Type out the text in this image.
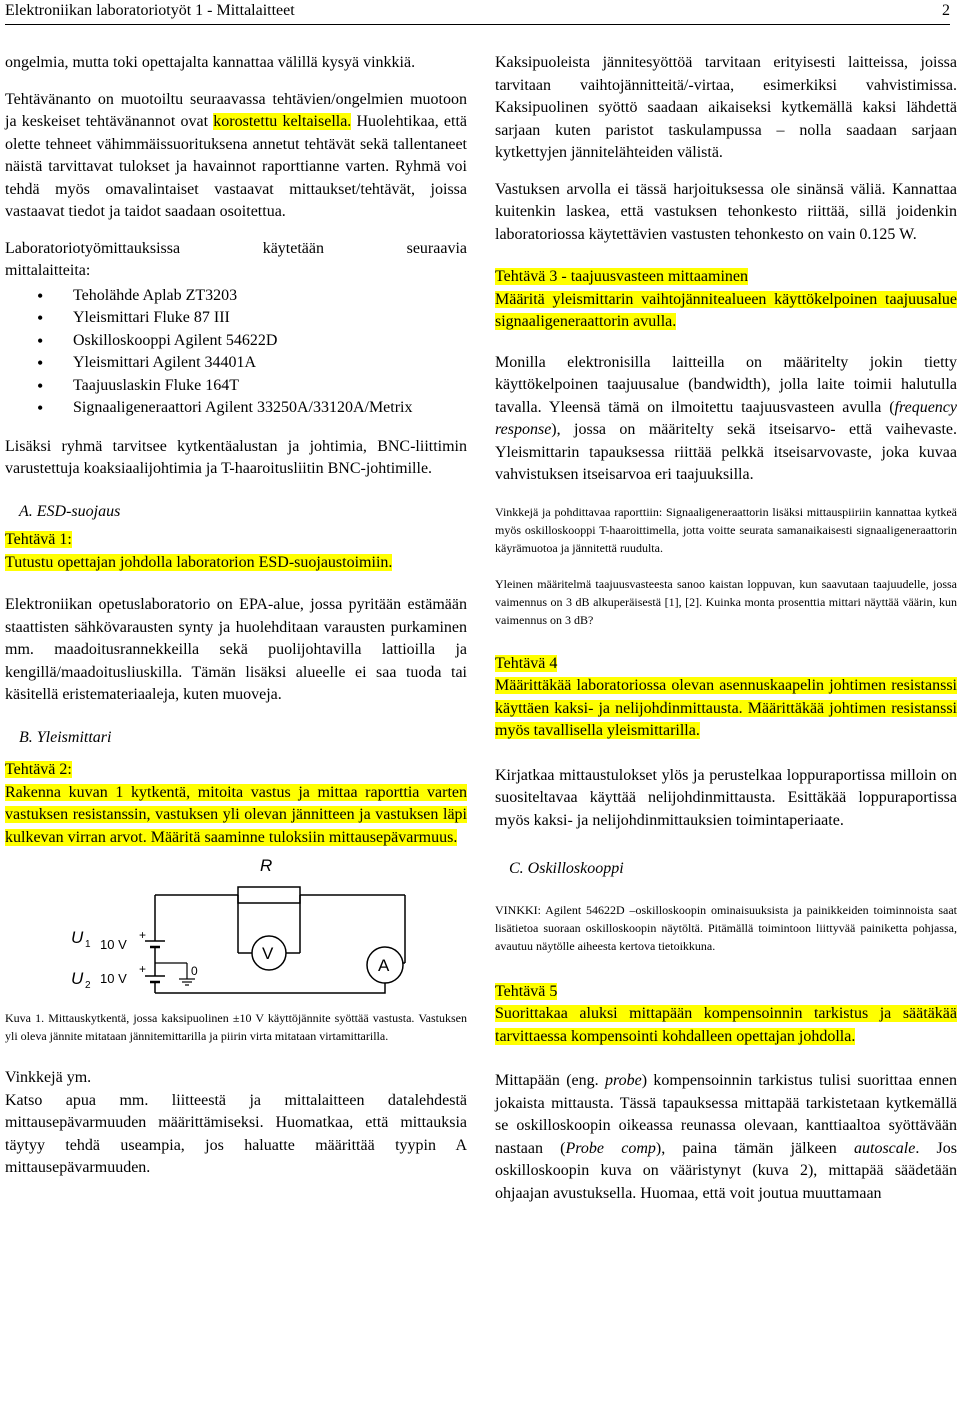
Elektroniikan laboratoriotyöt 1 - Mittalaitteet	2

ongelmia, mutta toki opettajalta kannattaa välillä kysyä vinkkiä.

Tehtävänanto on muotoiltu seuraavassa tehtävien/ongelmien muotoon ja keskeiset tehtävänannot ovat korostettu keltaisella. Huolehtikaa, että olette tehneet vähimmäissuorituksena annetut tehtävät sekä tallentaneet näistä tarvittavat tulokset ja havainnot raporttianne varten. Ryhmä voi tehdä myös omavalintaiset vastaavat mittaukset/tehtävät, joissa vastaavat tiedot ja taidot saadaan osoitettua.

Laboratoriotyömittauksissa käytetään seuraavia

mittalaitteita:

• Teholähde Aplab ZT3203
• Yleismittari Fluke 87 III
• Oskilloskooppi Agilent 54622D
• Yleismittari Agilent 34401A
• Taajuuslaskin Fluke 164T
• Signaaligeneraattori Agilent 33250A/33120A/Metrix

Lisäksi ryhmä tarvitsee kytkentäalustan ja johtimia, BNC-liittimin varustettuja koaksiaalijohtimia ja T-haaroitusliitin BNC-johtimille.

A. ESD-suojaus
Tehtävä 1:

Tutustu opettajan johdolla laboratorion ESD-suojaustoimiin.

Elektroniikan opetuslaboratorio on EPA-alue, jossa pyritään estämään staattisten sähkövarausten synty ja huolehditaan varausten purkaminen mm. maadoitusrannekkeilla sekä puolijohtavilla lattioilla ja kengillä/maadoitusliuskilla. Tämän lisäksi alueelle ei saa tuoda tai käsitellä eristemateriaaleja, kuten muoveja.

B. Yleismittari
Tehtävä 2:

Rakenna kuvan 1 kytkentä, mitoita vastus ja mittaa raporttia varten vastuksen resistanssin, vastuksen yli olevan jännitteen ja vastuksen läpi kulkevan virran arvot. Määritä saaminne tuloksiin mittausepävarmuus.

R
V
A
0
+
+
10 V
10 V
U 1
U 2

Kuva 1. Mittauskytkentä, jossa kaksipuolinen ±10 V käyttöjännite syöttää vastusta. Vastuksen yli oleva jännite mitataan jännitemittarilla ja piirin virta mitataan virtamittarilla.

Vinkkejä ym.

Katso apua mm. liitteestä ja mittalaitteen datalehdestä mittausepävarmuuden määrittämiseksi. Huomatkaa, että mittauksia täytyy tehdä useampia, jos haluatte määrittää tyypin A mittausepävarmuuden.

Kaksipuoleista jännitesyöttöä tarvitaan erityisesti laitteissa, joissa tarvitaan vaihtojännitteitä/-virtaa, esimerkiksi vahvistimissa. Kaksipuolinen syöttö saadaan aikaiseksi kytkemällä kaksi lähdettä sarjaan kuten paristot taskulampussa – nolla saadaan sarjaan kytkettyjen jännitelähteiden välistä.

Vastuksen arvolla ei tässä harjoituksessa ole sinänsä väliä. Kannattaa kuitenkin laskea, että vastuksen tehonkesto riittää, sillä joidenkin laboratoriossa käytettävien vastusten tehonkesto on vain 0.125 W.

Tehtävä 3 - taajuusvasteen mittaaminen

Määritä yleismittarin vaihtojännitealueen käyttökelpoinen taajuusalue signaaligeneraattorin avulla.

Monilla elektronisilla laitteilla on määritelty jokin tietty käyttökelpoinen taajuusalue (bandwidth), jolla laite toimii halutulla tavalla. Yleensä tämä on ilmoitettu taajuusvasteen avulla (frequency response), jossa on määritelty sekä itseisarvo- että vaihevaste. Yleismittarin tapauksessa riittää pelkkä itseisarvovaste, joka kuvaa vahvistuksen itseisarvoa eri taajuuksilla.

Vinkkejä ja pohdittavaa raporttiin: Signaaligeneraattorin lisäksi mittauspiiriin kannattaa kytkeä myös oskilloskooppi T-haaroittimella, jotta voitte seurata samanaikaisesti signaaligeneraattorin käyrämuotoa ja jännitettä ruudulta.

Yleinen määritelmä taajuusvasteesta sanoo kaistan loppuvan, kun saavutaan taajuudelle, jossa vaimennus on 3 dB alkuperäisestä [1], [2]. Kuinka monta prosenttia mittari näyttää väärin, kun vaimennus on 3 dB?

Tehtävä 4

Määrittäkää laboratoriossa olevan asennuskaapelin johtimen resistanssi käyttäen kaksi- ja nelijohdinmittausta. Määrittäkää johtimen resistanssi myös tavallisella yleismittarilla.

Kirjatkaa mittaustulokset ylös ja perustelkaa loppuraportissa milloin on suositeltavaa käyttää nelijohdinmittausta. Esittäkää loppuraportissa myös kaksi- ja nelijohdinmittauksien toimintaperiaate.

C. Oskilloskooppi

VINKKI: Agilent 54622D –oskilloskoopin ominaisuuksista ja painikkeiden toiminnoista saat lisätietoa suoraan oskilloskoopin näytöltä. Pitämällä toimintoon liittyvää painiketta pohjassa, avautuu näytölle aiheesta kertova tietoikkuna.

Tehtävä 5

Suorittakaa aluksi mittapään kompensoinnin tarkistus ja säätäkää tarvittaessa kompensointi kohdalleen opettajan johdolla.

Mittapään (eng. probe) kompensoinnin tarkistus tulisi suorittaa ennen jokaista mittausta. Tässä tapauksessa mittapää tarkistetaan kytkemällä se oskilloskoopin oikeassa reunassa olevaan, kanttiaaltoa syöttävään nastaan (Probe comp), paina tämän jälkeen autoscale. Jos oskilloskoopin kuva on vääristynyt (kuva 2), mittapää säädetään ohjaajan avustuksella. Huomaa, että voit joutua muuttamaan
